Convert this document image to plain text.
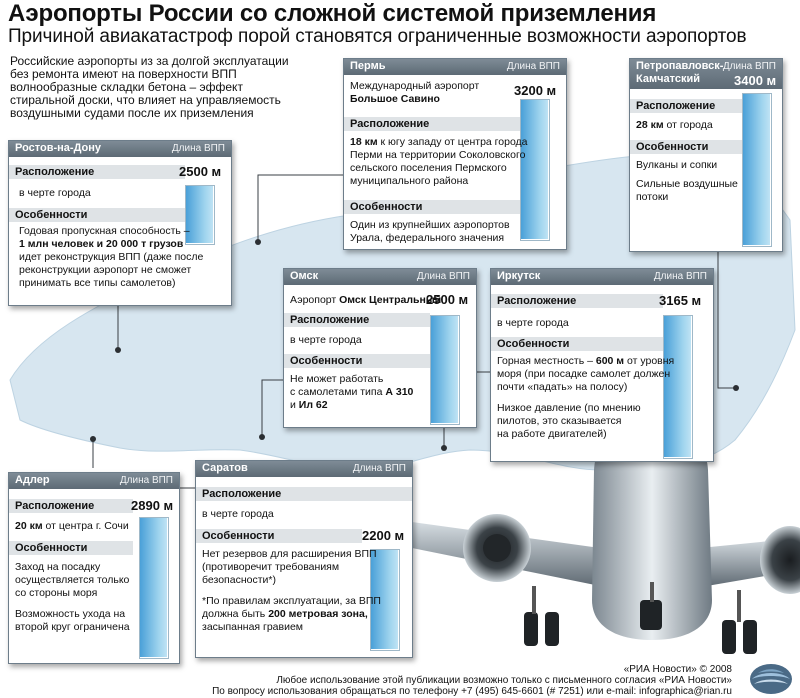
Аэропорты России со сложной системой приземления
Причиной авиакатастроф порой становятся ограниченные возможности аэропортов
Российские аэропорты из за долгой эксплуатации
без ремонта имеют на поверхности ВПП
волнообразные складки бетона – эффект
стиральной доски, что влияет на управляемость
воздушными судами после их приземления
Ростов-на-Дону	Длина ВПП
Расположение	2500 м
в черте города
Особенности
Годовая пропускная способность –
1 млн человек и 20 000 т грузов
идет реконструкция ВПП (даже после
реконструкции аэропорт не сможет
принимать все типы самолетов)
Пермь	Длина ВПП
Международный аэропорт
Большое Савино
3200 м
Расположение
18 км к югу западу от центра города
Перми на территории Соколовского
сельского поселения Пермского
муниципального района
Особенности
Один из крупнейших аэропортов
Урала, федерального значения
Петропавловск-
Камчатский
Длина ВПП
3400 м
Расположение
28 км от города
Особенности
Вулканы и сопки
Сильные воздушные
потоки
Омск	Длина ВПП
Аэропорт Омск Центральный
2500 м
Расположение
в черте города
Особенности
Не может работать
с самолетами типа А 310
и Ил 62
Иркутск	Длина ВПП
Расположение	3165 м
в черте города
Особенности
Горная местность – 600 м от уровня
моря (при посадке самолет должен
почти «падать» на полосу)
Низкое давление (по мнению
пилотов, это сказывается
на работе двигателей)
Адлер	Длина ВПП
Расположение	2890 м
20 км от центра г. Сочи
Особенности
Заход на посадку
осуществляется только
со стороны моря
Возможность ухода на
второй круг ограничена
Саратов	Длина ВПП
Расположение
в черте города
Особенности	2200 м
Нет резервов для расширения ВПП
(противоречит требованиям
безопасности*)
*По правилам эксплуатации, за ВПП
должна быть 200 метровая зона,
засыпанная гравием
«РИА Новости» © 2008
Любое использование этой публикации возможно только с письменного согласия «РИА Новости»
По вопросу использования обращаться по телефону +7 (495) 645-6601 (# 7251) или e-mail: infographica@rian.ru
